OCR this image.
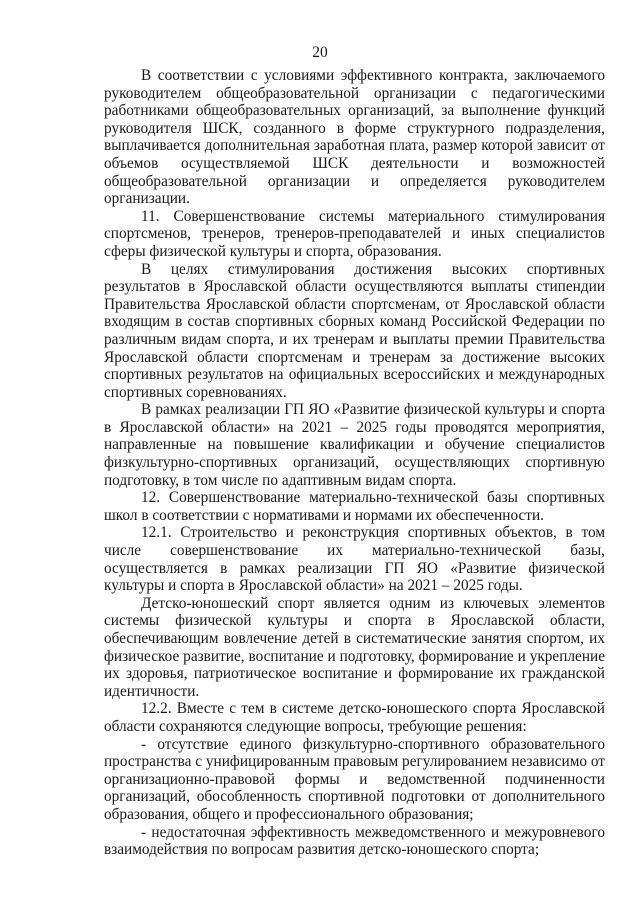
20

В соответствии с условиями эффективного контракта, заключаемого руководителем общеобразовательной организации с педагогическими работниками общеобразовательных организаций, за выполнение функций руководителя ШСК, созданного в форме структурного подразделения, выплачивается дополнительная заработная плата, размер которой зависит от объемов осуществляемой ШСК деятельности и возможностей общеобразовательной организации и определяется руководителем организации.

11. Совершенствование системы материального стимулирования спортсменов, тренеров, тренеров-преподавателей и иных специалистов сферы физической культуры и спорта, образования.

В целях стимулирования достижения высоких спортивных результатов в Ярославской области осуществляются выплаты стипендии Правительства Ярославской области спортсменам, от Ярославской области входящим в состав спортивных сборных команд Российской Федерации по различным видам спорта, и их тренерам и выплаты премии Правительства Ярославской области спортсменам и тренерам за достижение высоких спортивных результатов на официальных всероссийских и международных спортивных соревнованиях.

В рамках реализации ГП ЯО «Развитие физической культуры и спорта в Ярославской области» на 2021 – 2025 годы проводятся мероприятия, направленные на повышение квалификации и обучение специалистов физкультурно-спортивных организаций, осуществляющих спортивную подготовку, в том числе по адаптивным видам спорта.

12. Совершенствование материально-технической базы спортивных школ в соответствии с нормативами и нормами их обеспеченности.

12.1. Строительство и реконструкция спортивных объектов, в том числе совершенствование их материально-технической базы, осуществляется в рамках реализации ГП ЯО «Развитие физической культуры и спорта в Ярославской области» на 2021 – 2025 годы.

Детско-юношеский спорт является одним из ключевых элементов системы физической культуры и спорта в Ярославской области, обеспечивающим вовлечение детей в систематические занятия спортом, их физическое развитие, воспитание и подготовку, формирование и укрепление их здоровья, патриотическое воспитание и формирование их гражданской идентичности.

12.2. Вместе с тем в системе детско-юношеского спорта Ярославской области сохраняются следующие вопросы, требующие решения:

- отсутствие единого физкультурно-спортивного образовательного пространства с унифицированным правовым регулированием независимо от организационно-правовой формы и ведомственной подчиненности организаций, обособленность спортивной подготовки от дополнительного образования, общего и профессионального образования;

- недостаточная эффективность межведомственного и межуровневого взаимодействия по вопросам развития детско-юношеского спорта;
